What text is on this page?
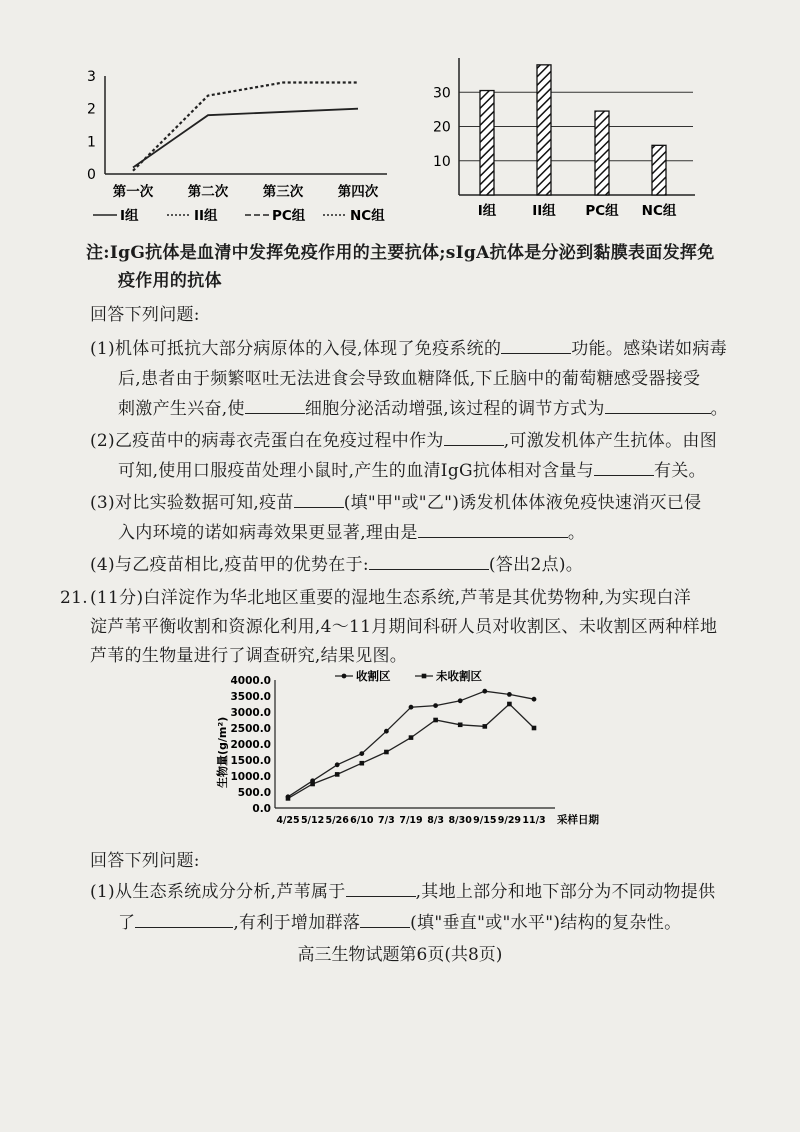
0
1
2
3
第一次	第二次	第三次	第四次
I组	II组	PC组	NC组
10
20
30
I组	II组 PC组 NC组
注:IgG抗体是血清中发挥免疫作用的主要抗体;sIgA抗体是分泌到黏膜表面发挥免
疫作用的抗体
回答下列问题:
(1)机体可抵抗大部分病原体的入侵,体现了免疫系统的	功能。感染诺如病毒
后,患者由于频繁呕吐无法进食会导致血糖降低,下丘脑中的葡萄糖感受器接受
刺激产生兴奋,使	细胞分泌活动增强,该过程的调节方式为	。
(2)乙疫苗中的病毒衣壳蛋白在免疫过程中作为	,可激发机体产生抗体。由图
可知,使用口服疫苗处理小鼠时,产生的血清IgG抗体相对含量与	有关。
(3)对比实验数据可知,疫苗	(填"甲"或"乙")诱发机体体液免疫快速消灭已侵
入内环境的诺如病毒效果更显著,理由是	。
(4)与乙疫苗相比,疫苗甲的优势在于:	(答出2点)。
21. (11分)白洋淀作为华北地区重要的湿地生态系统,芦苇是其优势物种,为实现白洋
淀芦苇平衡收割和资源化利用,4～11月期间科研人员对收割区、未收割区两种样地
芦苇的生物量进行了调查研究,结果见图。
收割区	未收割区
生物量(g/m²)
0.0
500.0
1000.0
1500.0
2000.0
2500.0
3000.0
3500.0
4000.0
4/25 5/12 5/26 6/10 7/3 7/19 8/3 8/30 9/15 9/29 11/3 采样日期
回答下列问题:
(1)从生态系统成分分析,芦苇属于	,其地上部分和地下部分为不同动物提供
了	,有利于增加群落	(填"垂直"或"水平")结构的复杂性。
高三生物试题第6页(共8页)
